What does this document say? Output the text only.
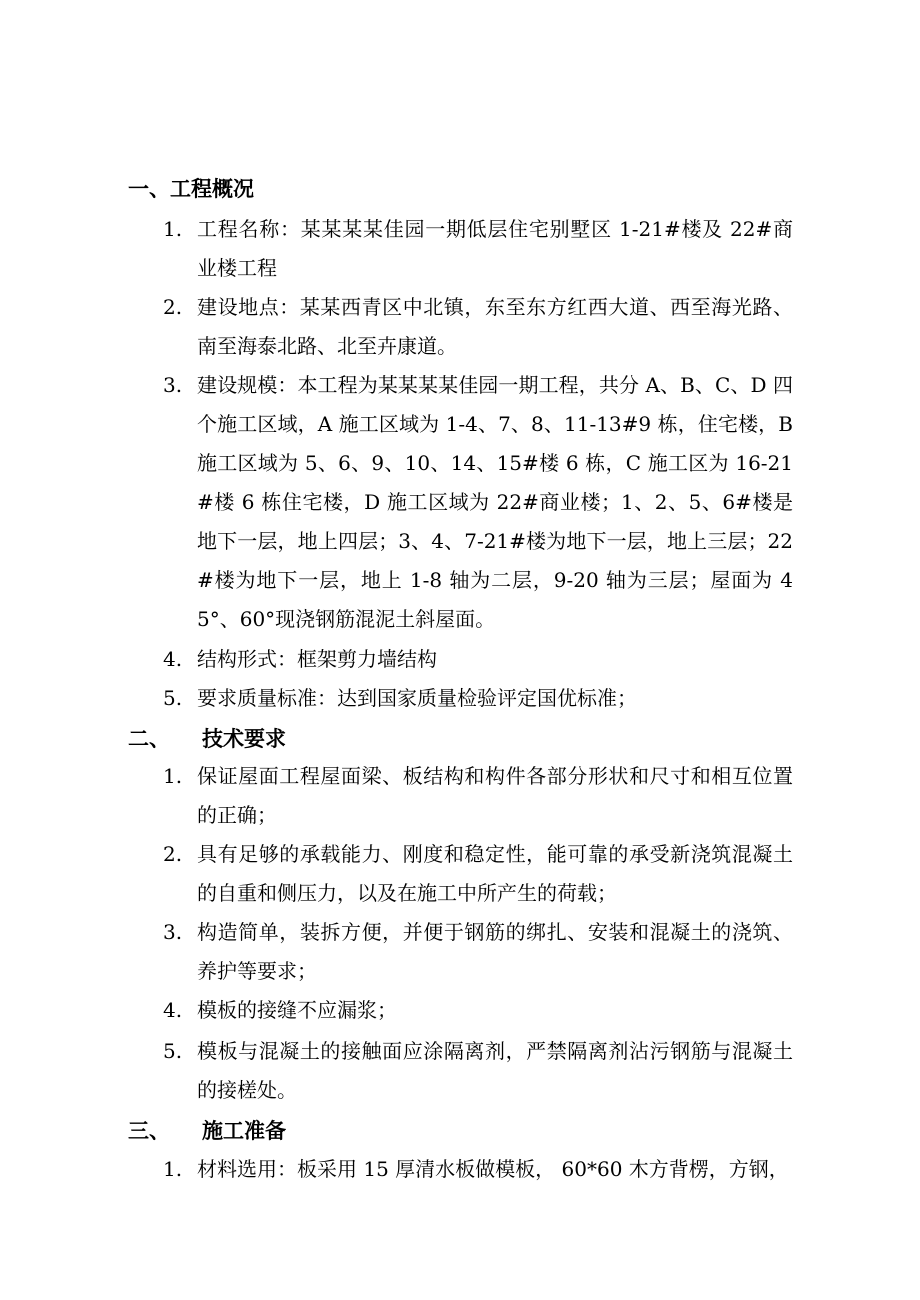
一、工程概况
1. 工程名称：某某某某佳园一期低层住宅别墅区 1-21#楼及 22#商业楼工程
2. 建设地点：某某西青区中北镇，东至东方红西大道、西至海光路、南至海泰北路、北至卉康道。
3. 建设规模：本工程为某某某某佳园一期工程，共分 A、B、C、D 四个施工区域，A 施工区域为 1-4、7、8、11-13#9 栋，住宅楼，B 施工区域为 5、6、9、10、14、15#楼 6 栋，C 施工区为 16-21#楼 6 栋住宅楼，D 施工区域为 22#商业楼；1、2、5、6#楼是地下一层，地上四层；3、4、7-21#楼为地下一层，地上三层；22#楼为地下一层，地上 1-8 轴为二层，9-20 轴为三层；屋面为 45°、60°现浇钢筋混泥土斜屋面。
4. 结构形式：框架剪力墙结构
5. 要求质量标准：达到国家质量检验评定国优标准；
二、 技术要求
1. 保证屋面工程屋面梁、板结构和构件各部分形状和尺寸和相互位置的正确；
2. 具有足够的承载能力、刚度和稳定性，能可靠的承受新浇筑混凝土的自重和侧压力，以及在施工中所产生的荷载；
3. 构造简单，装拆方便，并便于钢筋的绑扎、安装和混凝土的浇筑、养护等要求；
4. 模板的接缝不应漏浆；
5. 模板与混凝土的接触面应涂隔离剂，严禁隔离剂沾污钢筋与混凝土的接槎处。
三、 施工准备
1. 材料选用：板采用 15 厚清水板做模板， 60*60 木方背楞，方钢，
